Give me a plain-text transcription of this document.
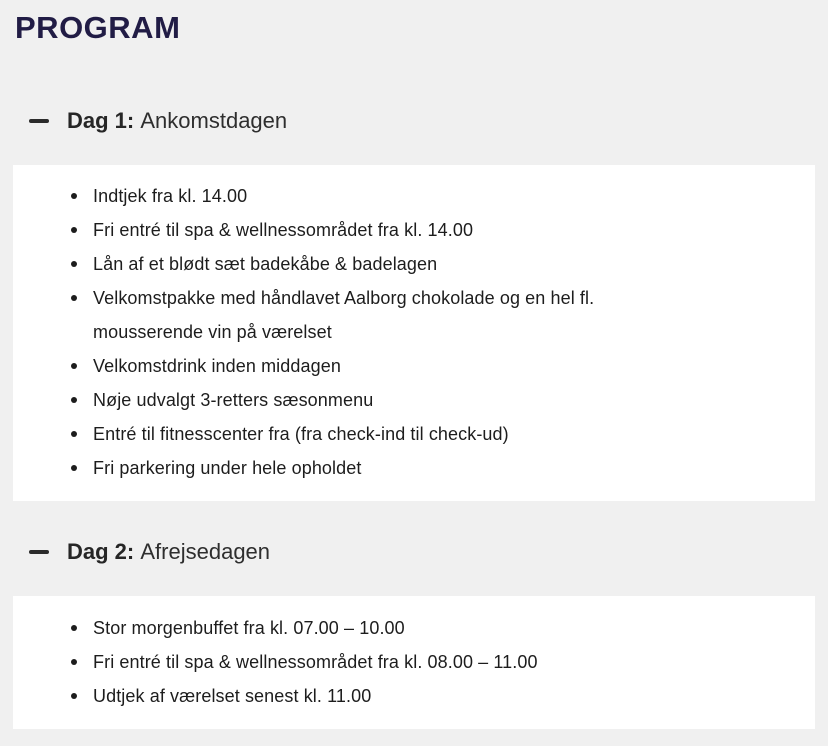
PROGRAM
Dag 1: Ankomstdagen
Indtjek fra kl. 14.00
Fri entré til spa & wellnessområdet fra kl. 14.00
Lån af et blødt sæt badekåbe & badelagen
Velkomstpakke med håndlavet Aalborg chokolade og en hel fl. mousserende vin på værelset
Velkomstdrink inden middagen
Nøje udvalgt 3-retters sæsonmenu
Entré til fitnesscenter fra (fra check-ind til check-ud)
Fri parkering under hele opholdet
Dag 2: Afrejsedagen
Stor morgenbuffet fra kl. 07.00 – 10.00
Fri entré til spa & wellnessområdet fra kl. 08.00 – 11.00
Udtjek af værelset senest kl. 11.00
